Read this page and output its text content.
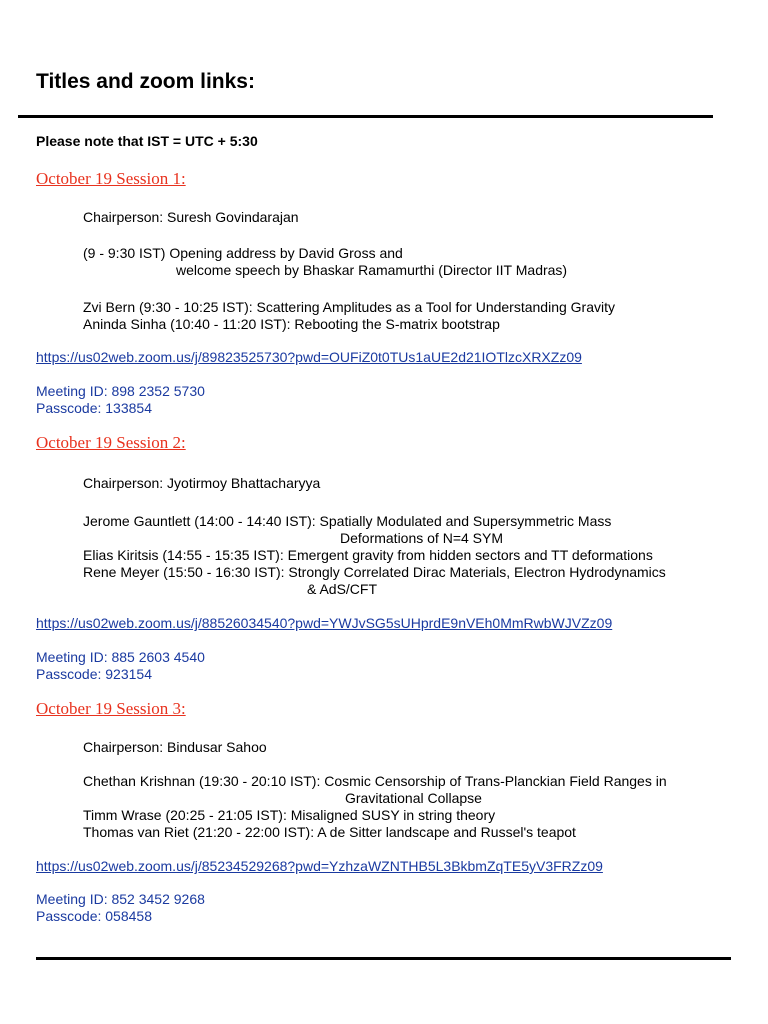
Titles and zoom links:
Please note that IST = UTC + 5:30
October 19 Session 1:
Chairperson: Suresh Govindarajan
(9 - 9:30 IST) Opening address by David Gross and
welcome speech by Bhaskar Ramamurthi (Director IIT Madras)
Zvi Bern (9:30 - 10:25 IST): Scattering Amplitudes as a Tool for Understanding Gravity
Aninda Sinha (10:40 - 11:20 IST): Rebooting the S-matrix bootstrap
https://us02web.zoom.us/j/89823525730?pwd=OUFiZ0t0TUs1aUE2d21IOTlzcXRXZz09
Meeting ID: 898 2352 5730
Passcode: 133854
October 19 Session 2:
Chairperson: Jyotirmoy Bhattacharyya
Jerome Gauntlett (14:00 - 14:40 IST): Spatially Modulated and Supersymmetric Mass
Deformations of N=4 SYM
Elias Kiritsis (14:55 - 15:35 IST): Emergent gravity from hidden sectors and TT deformations
Rene Meyer (15:50 - 16:30 IST): Strongly Correlated Dirac Materials, Electron Hydrodynamics
& AdS/CFT
https://us02web.zoom.us/j/88526034540?pwd=YWJvSG5sUHprdE9nVEh0MmRwbWJVZz09
Meeting ID: 885 2603 4540
Passcode: 923154
October 19 Session 3:
Chairperson: Bindusar Sahoo
Chethan Krishnan (19:30 - 20:10 IST): Cosmic Censorship of Trans-Planckian Field Ranges in
Gravitational Collapse
Timm Wrase (20:25 - 21:05 IST): Misaligned SUSY in string theory
Thomas van Riet (21:20 - 22:00 IST): A de Sitter landscape and Russel's teapot
https://us02web.zoom.us/j/85234529268?pwd=YzhzaWZNTHB5L3BkbmZqTE5yV3FRZz09
Meeting ID: 852 3452 9268
Passcode: 058458
